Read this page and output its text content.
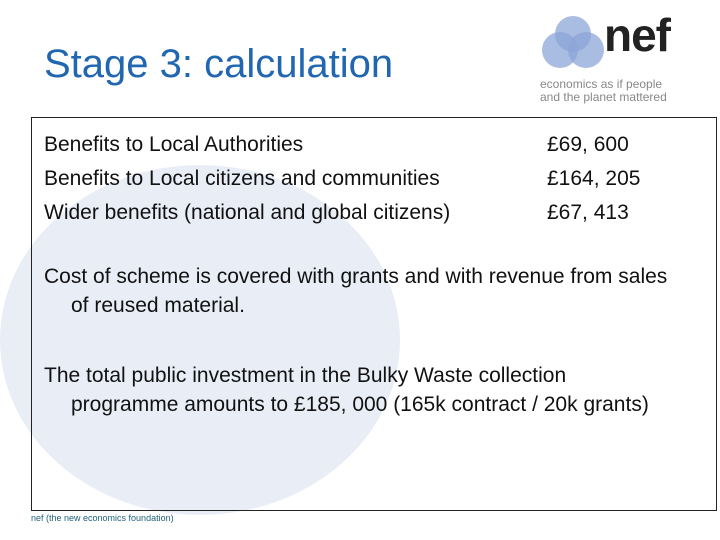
Stage 3: calculation
nef
economics as if people
and the planet mattered
Benefits to Local Authorities	£69, 600
Benefits to Local citizens and communities	£164, 205
Wider benefits (national and global citizens)	£67, 413
Cost of scheme is covered with grants and with revenue from sales of reused material.
The total public investment in the Bulky Waste collection programme amounts to £185, 000 (165k contract / 20k grants)
nef (the new economics foundation)
